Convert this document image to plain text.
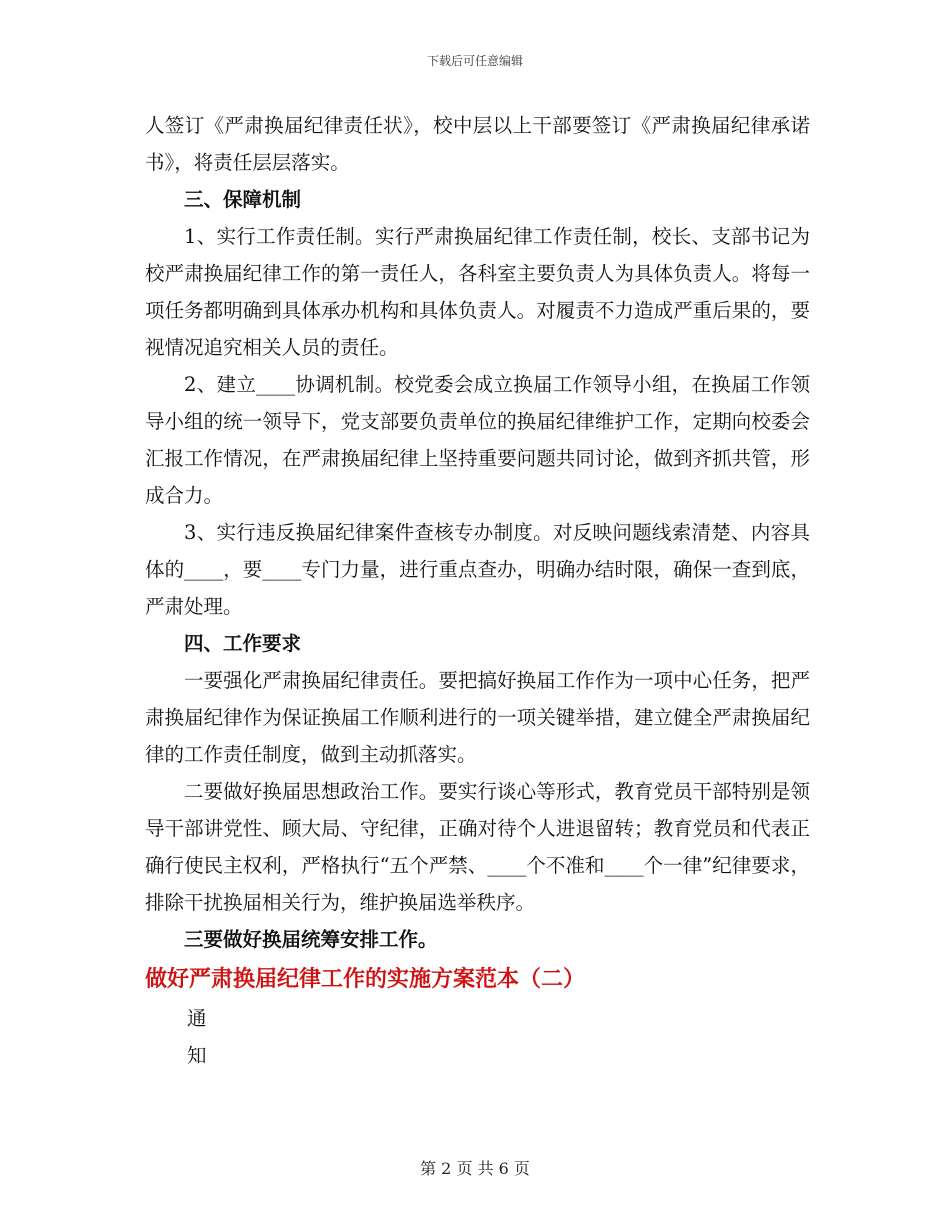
下载后可任意编辑

人签订《严肃换届纪律责任状》，校中层以上干部要签订《严肃换届纪律承诺书》，将责任层层落实。

三、保障机制

1、实行工作责任制。实行严肃换届纪律工作责任制，校长、支部书记为校严肃换届纪律工作的第一责任人，各科室主要负责人为具体负责人。将每一项任务都明确到具体承办机构和具体负责人。对履责不力造成严重后果的，要视情况追究相关人员的责任。

2、建立____协调机制。校党委会成立换届工作领导小组，在换届工作领导小组的统一领导下，党支部要负责单位的换届纪律维护工作，定期向校委会汇报工作情况，在严肃换届纪律上坚持重要问题共同讨论，做到齐抓共管，形成合力。

3、实行违反换届纪律案件查核专办制度。对反映问题线索清楚、内容具体的____，要____专门力量，进行重点查办，明确办结时限，确保一查到底，严肃处理。

四、工作要求

一要强化严肃换届纪律责任。要把搞好换届工作作为一项中心任务，把严肃换届纪律作为保证换届工作顺利进行的一项关键举措，建立健全严肃换届纪律的工作责任制度，做到主动抓落实。

二要做好换届思想政治工作。要实行谈心等形式，教育党员干部特别是领导干部讲党性、顾大局、守纪律，正确对待个人进退留转；教育党员和代表正确行使民主权利，严格执行“五个严禁、____个不准和____个一律”纪律要求，排除干扰换届相关行为，维护换届选举秩序。

三要做好换届统筹安排工作。

做好严肃换届纪律工作的实施方案范本（二）

通

知

第 2 页 共 6 页
